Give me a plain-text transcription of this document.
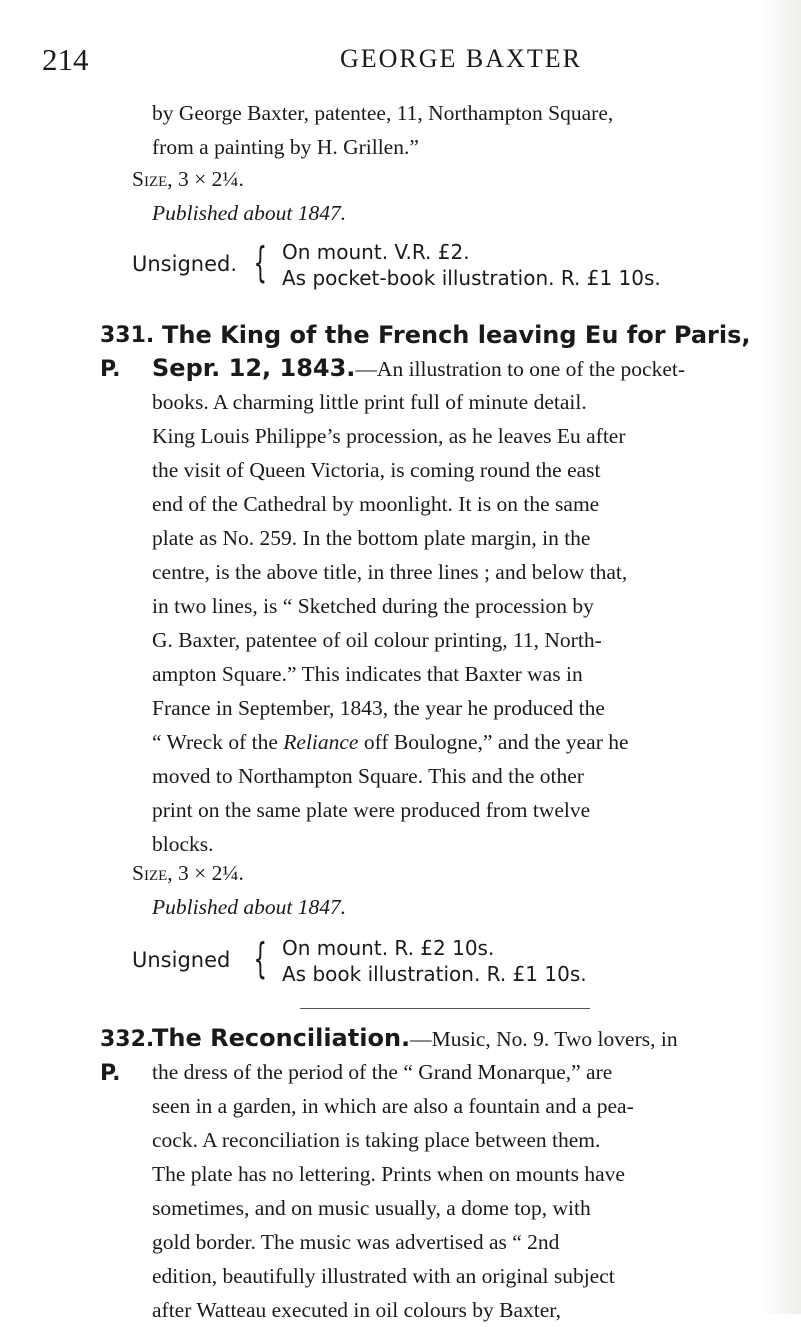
214	GEORGE BAXTER
by George Baxter, patentee, 11, Northampton Square,
from a painting by H. Grillen.”
Size, 3 × 2¼.
Published about 1847.
Unsigned. { On mount. V.R. £2.
As pocket-book illustration. R. £1 10s.
331. The King of the French leaving Eu for Paris,
P. Sepr. 12, 1843.—An illustration to one of the pocket-
books. A charming little print full of minute detail.
King Louis Philippe’s procession, as he leaves Eu after
the visit of Queen Victoria, is coming round the east
end of the Cathedral by moonlight. It is on the same
plate as No. 259. In the bottom plate margin, in the
centre, is the above title, in three lines ; and below that,
in two lines, is “ Sketched during the procession by
G. Baxter, patentee of oil colour printing, 11, North-
ampton Square.” This indicates that Baxter was in
France in September, 1843, the year he produced the
“ Wreck of the Reliance off Boulogne,” and the year he
moved to Northampton Square. This and the other
print on the same plate were produced from twelve
blocks.
Size, 3 × 2¼.
Published about 1847.
Unsigned { On mount. R. £2 10s.
As book illustration. R. £1 10s.
332.
P.
The Reconciliation.—Music, No. 9. Two lovers, in
the dress of the period of the “ Grand Monarque,” are
seen in a garden, in which are also a fountain and a pea-
cock. A reconciliation is taking place between them.
The plate has no lettering. Prints when on mounts have
sometimes, and on music usually, a dome top, with
gold border. The music was advertised as “ 2nd
edition, beautifully illustrated with an original subject
after Watteau executed in oil colours by Baxter,
